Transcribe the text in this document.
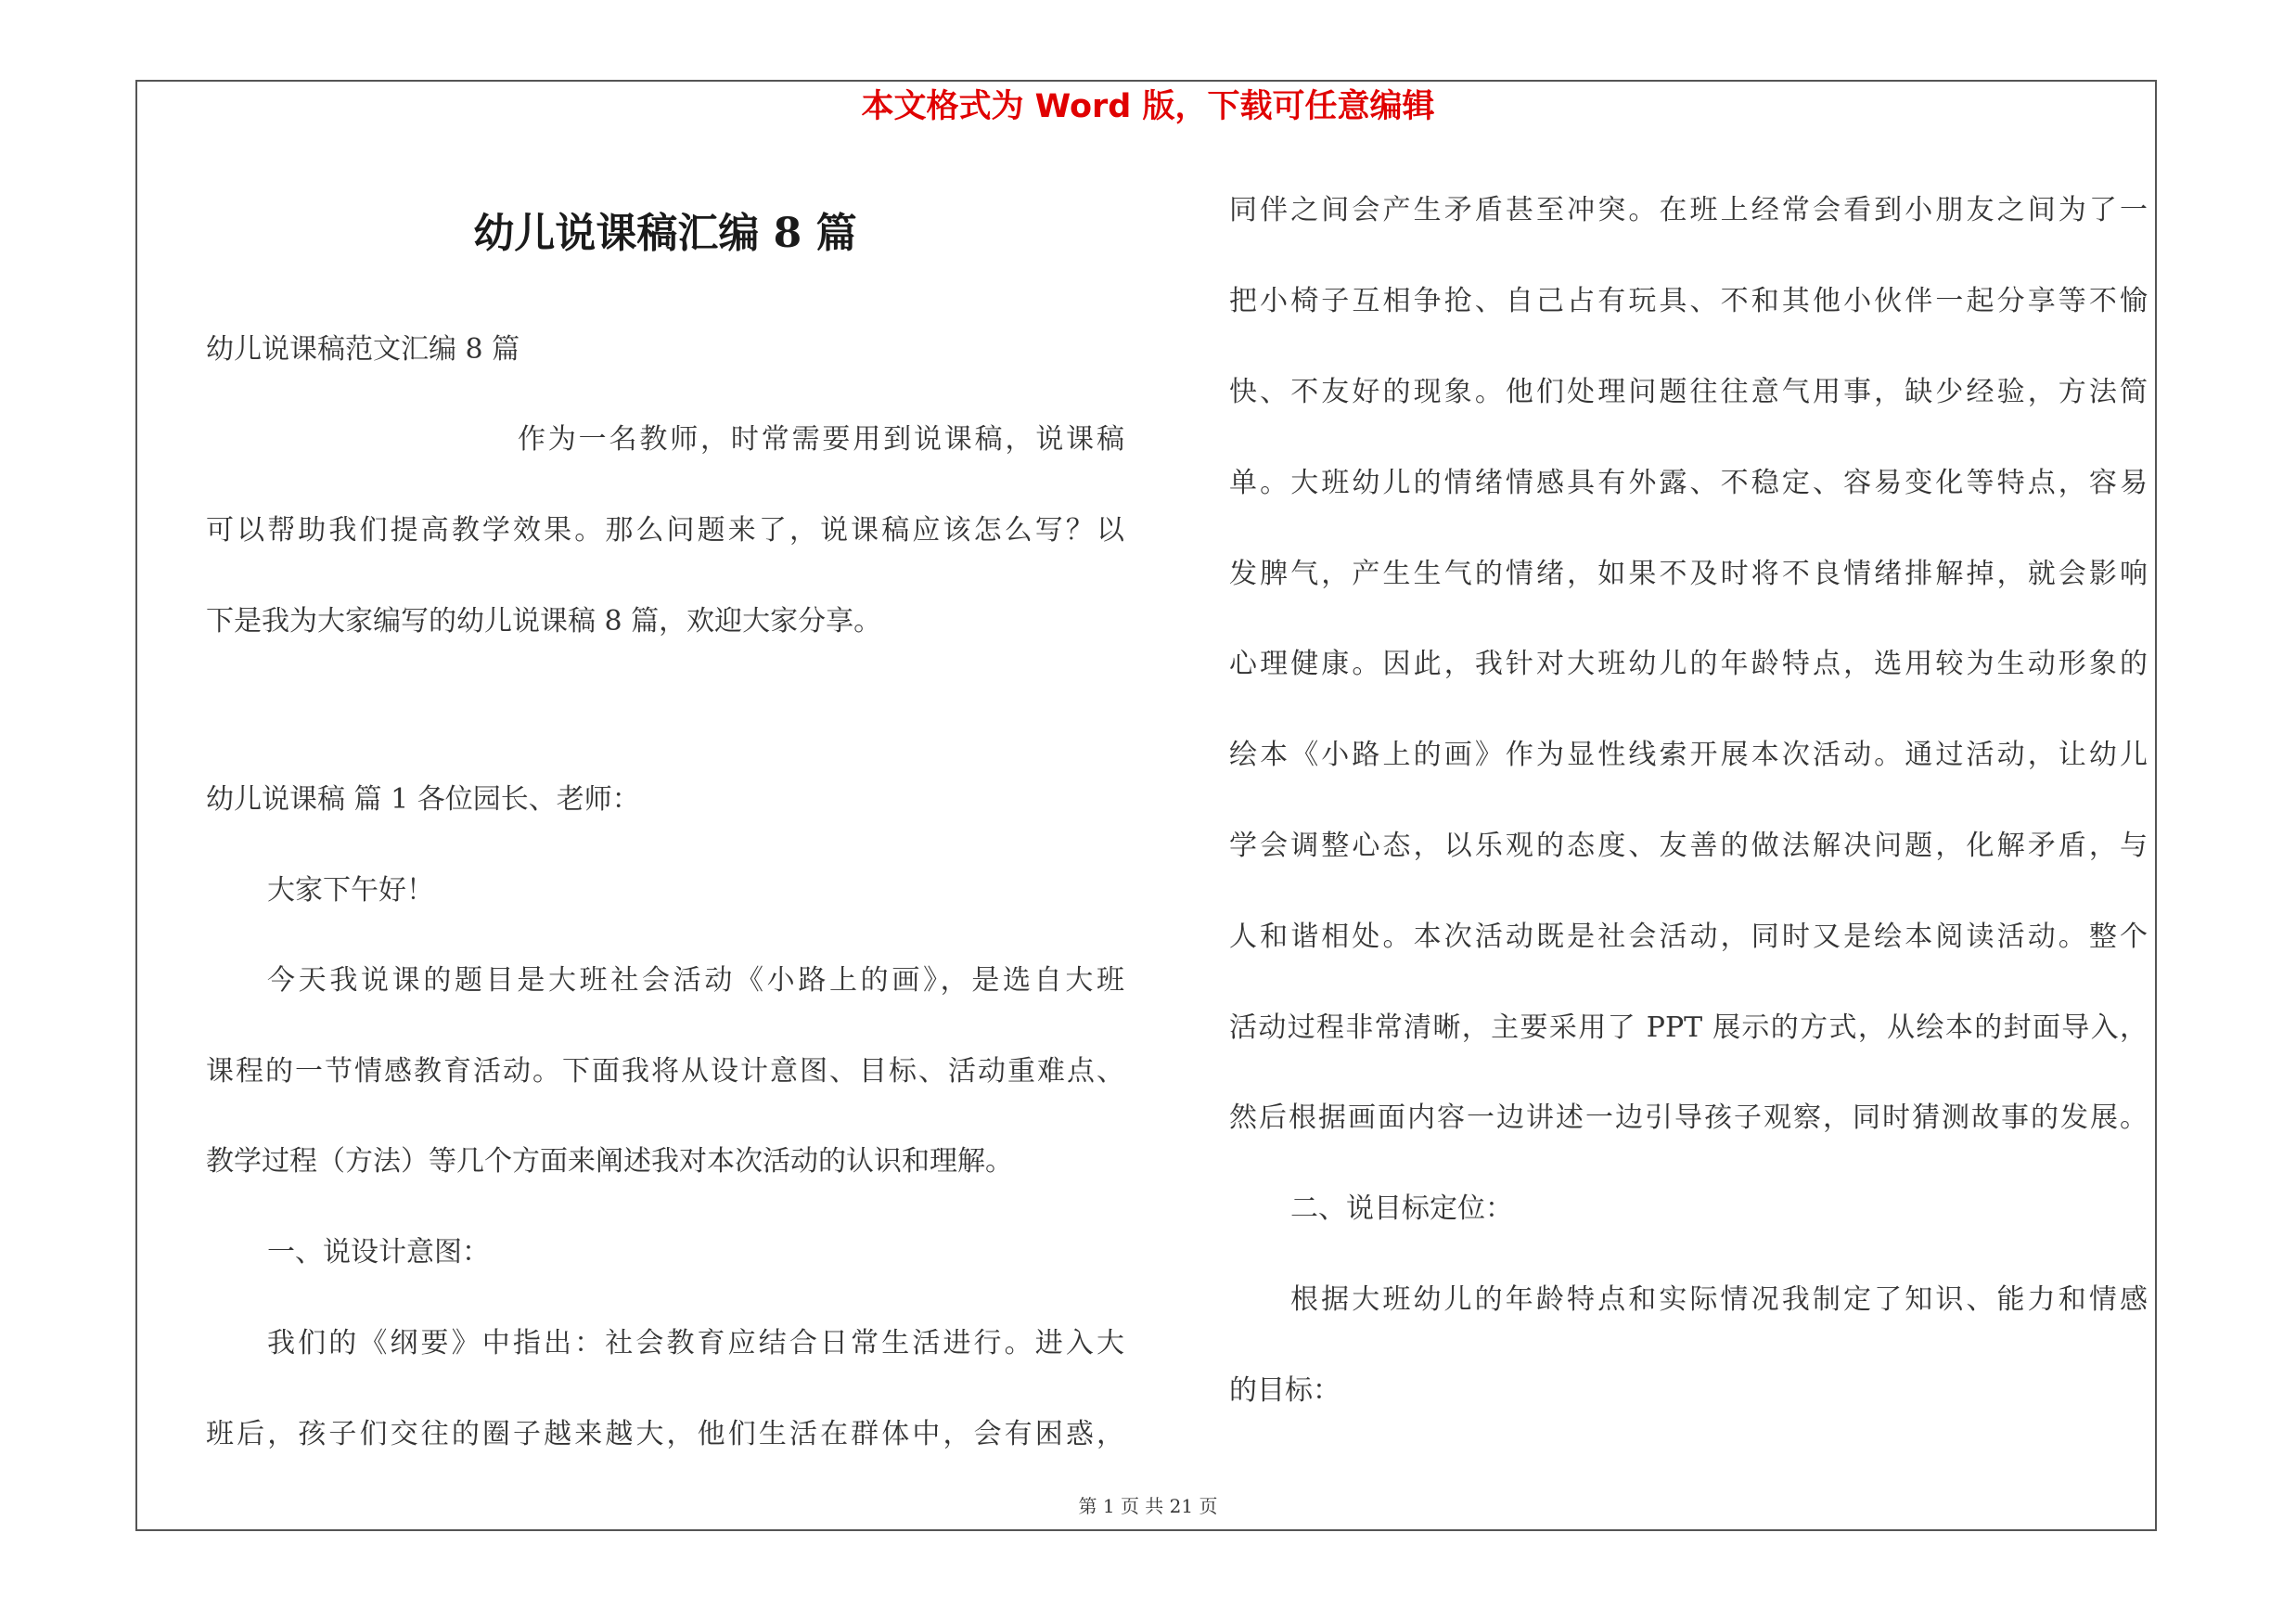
本文格式为 Word 版，下载可任意编辑
幼儿说课稿汇编 8 篇
幼儿说课稿范文汇编 8 篇
作为一名教师，时常需要用到说课稿，说课稿
可以帮助我们提高教学效果。那么问题来了，说课稿应该怎么写？以
下是我为大家编写的幼儿说课稿 8 篇，欢迎大家分享。
幼儿说课稿 篇 1 各位园长、老师：
大家下午好！
今天我说课的题目是大班社会活动《小路上的画》，是选自大班
课程的一节情感教育活动。下面我将从设计意图、目标、活动重难点、
教学过程（方法）等几个方面来阐述我对本次活动的认识和理解。
一、说设计意图：
我们的《纲要》中指出：社会教育应结合日常生活进行。进入大
班后，孩子们交往的圈子越来越大，他们生活在群体中，会有困惑，
同伴之间会产生矛盾甚至冲突。在班上经常会看到小朋友之间为了一
把小椅子互相争抢、自己占有玩具、不和其他小伙伴一起分享等不愉
快、不友好的现象。他们处理问题往往意气用事，缺少经验，方法简
单。大班幼儿的情绪情感具有外露、不稳定、容易变化等特点，容易
发脾气，产生生气的情绪，如果不及时将不良情绪排解掉，就会影响
心理健康。因此，我针对大班幼儿的年龄特点，选用较为生动形象的
绘本《小路上的画》作为显性线索开展本次活动。通过活动，让幼儿
学会调整心态，以乐观的态度、友善的做法解决问题，化解矛盾，与
人和谐相处。本次活动既是社会活动，同时又是绘本阅读活动。整个
活动过程非常清晰，主要采用了 PPT 展示的方式，从绘本的封面导入，
然后根据画面内容一边讲述一边引导孩子观察，同时猜测故事的发展。
二、说目标定位：
根据大班幼儿的年龄特点和实际情况我制定了知识、能力和情感
的目标：
第 1 页 共 21 页
